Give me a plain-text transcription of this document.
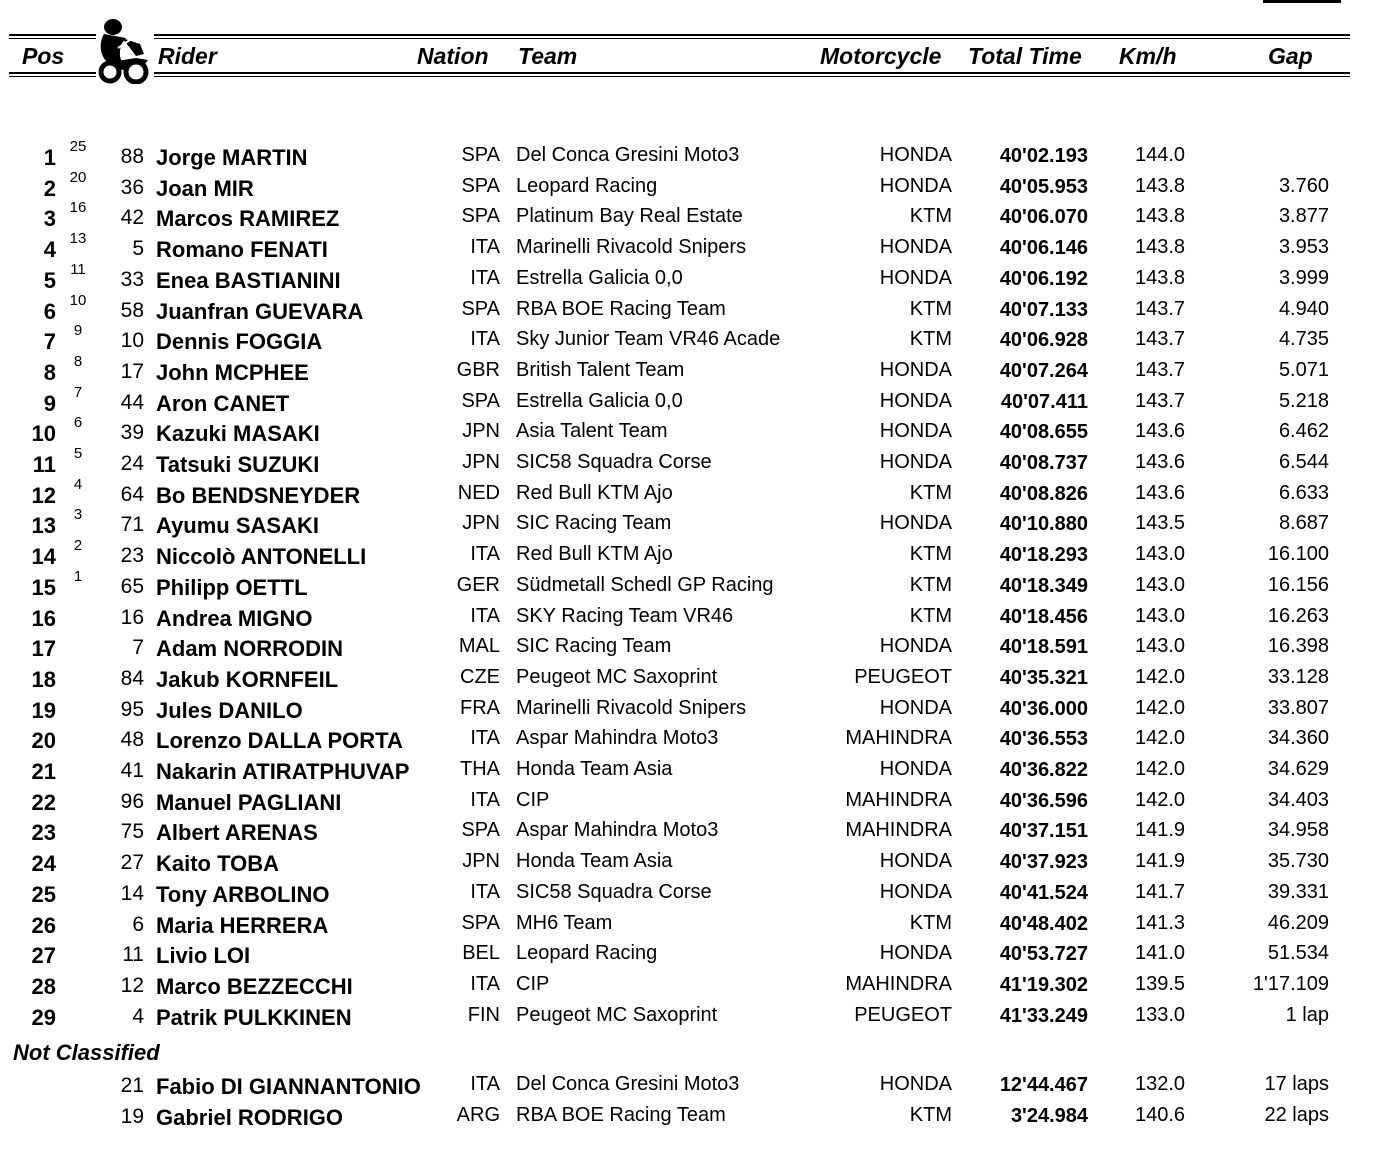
Pos	Rider	Nation Team	Motorcycle Total Time Km/h	Gap
1 25	88 Jorge MARTIN	SPA Del Conca Gresini Moto3	HONDA	40'02.193	144.0
2 20	36 Joan MIR	SPA Leopard Racing	HONDA	40'05.953	143.8	3.760
3 16	42 Marcos RAMIREZ	SPA Platinum Bay Real Estate	KTM	40'06.070	143.8	3.877
4 13	5 Romano FENATI	ITA Marinelli Rivacold Snipers	HONDA	40'06.146	143.8	3.953
5 11	33 Enea BASTIANINI	ITA Estrella Galicia 0,0	HONDA	40'06.192	143.8	3.999
6 10	58 Juanfran GUEVARA	SPA RBA BOE Racing Team	KTM	40'07.133	143.7	4.940
7	9	10 Dennis FOGGIA	ITA Sky Junior Team VR46 Acade	KTM	40'06.928	143.7	4.735
8	8	17 John MCPHEE	GBR British Talent Team	HONDA	40'07.264	143.7	5.071
9	7	44 Aron CANET	SPA Estrella Galicia 0,0	HONDA	40'07.411	143.7	5.218
10	6	39 Kazuki MASAKI	JPN Asia Talent Team	HONDA	40'08.655	143.6	6.462
11	5	24 Tatsuki SUZUKI	JPN SIC58 Squadra Corse	HONDA	40'08.737	143.6	6.544
12	4	64 Bo BENDSNEYDER	NED Red Bull KTM Ajo	KTM	40'08.826	143.6	6.633
13	3	71 Ayumu SASAKI	JPN SIC Racing Team	HONDA	40'10.880	143.5	8.687
14	2	23 Niccolò ANTONELLI	ITA Red Bull KTM Ajo	KTM	40'18.293	143.0	16.100
15	1	65 Philipp OETTL	GER Südmetall Schedl GP Racing	KTM	40'18.349	143.0	16.156
16	16 Andrea MIGNO	ITA SKY Racing Team VR46	KTM	40'18.456	143.0	16.263
17	7 Adam NORRODIN	MAL SIC Racing Team	HONDA	40'18.591	143.0	16.398
18	84 Jakub KORNFEIL	CZE Peugeot MC Saxoprint	PEUGEOT	40'35.321	142.0	33.128
19	95 Jules DANILO	FRA Marinelli Rivacold Snipers	HONDA	40'36.000	142.0	33.807
20	48 Lorenzo DALLA PORTA	ITA Aspar Mahindra Moto3	MAHINDRA	40'36.553	142.0	34.360
21	41 Nakarin ATIRATPHUVAP	THA Honda Team Asia	HONDA	40'36.822	142.0	34.629
22	96 Manuel PAGLIANI	ITA CIP	MAHINDRA	40'36.596	142.0	34.403
23	75 Albert ARENAS	SPA Aspar Mahindra Moto3	MAHINDRA	40'37.151	141.9	34.958
24	27 Kaito TOBA	JPN Honda Team Asia	HONDA	40'37.923	141.9	35.730
25	14 Tony ARBOLINO	ITA SIC58 Squadra Corse	HONDA	40'41.524	141.7	39.331
26	6 Maria HERRERA	SPA MH6 Team	KTM	40'48.402	141.3	46.209
27	11 Livio LOI	BEL Leopard Racing	HONDA	40'53.727	141.0	51.534
28	12 Marco BEZZECCHI	ITA CIP	MAHINDRA	41'19.302	139.5	1'17.109
29	4 Patrik PULKKINEN	FIN Peugeot MC Saxoprint	PEUGEOT	41'33.249	133.0	1 lap
Not Classified
21 Fabio DI GIANNANTONIO	ITA Del Conca Gresini Moto3	HONDA	12'44.467	132.0	17 laps
19 Gabriel RODRIGO	ARG RBA BOE Racing Team	KTM	3'24.984	140.6	22 laps
